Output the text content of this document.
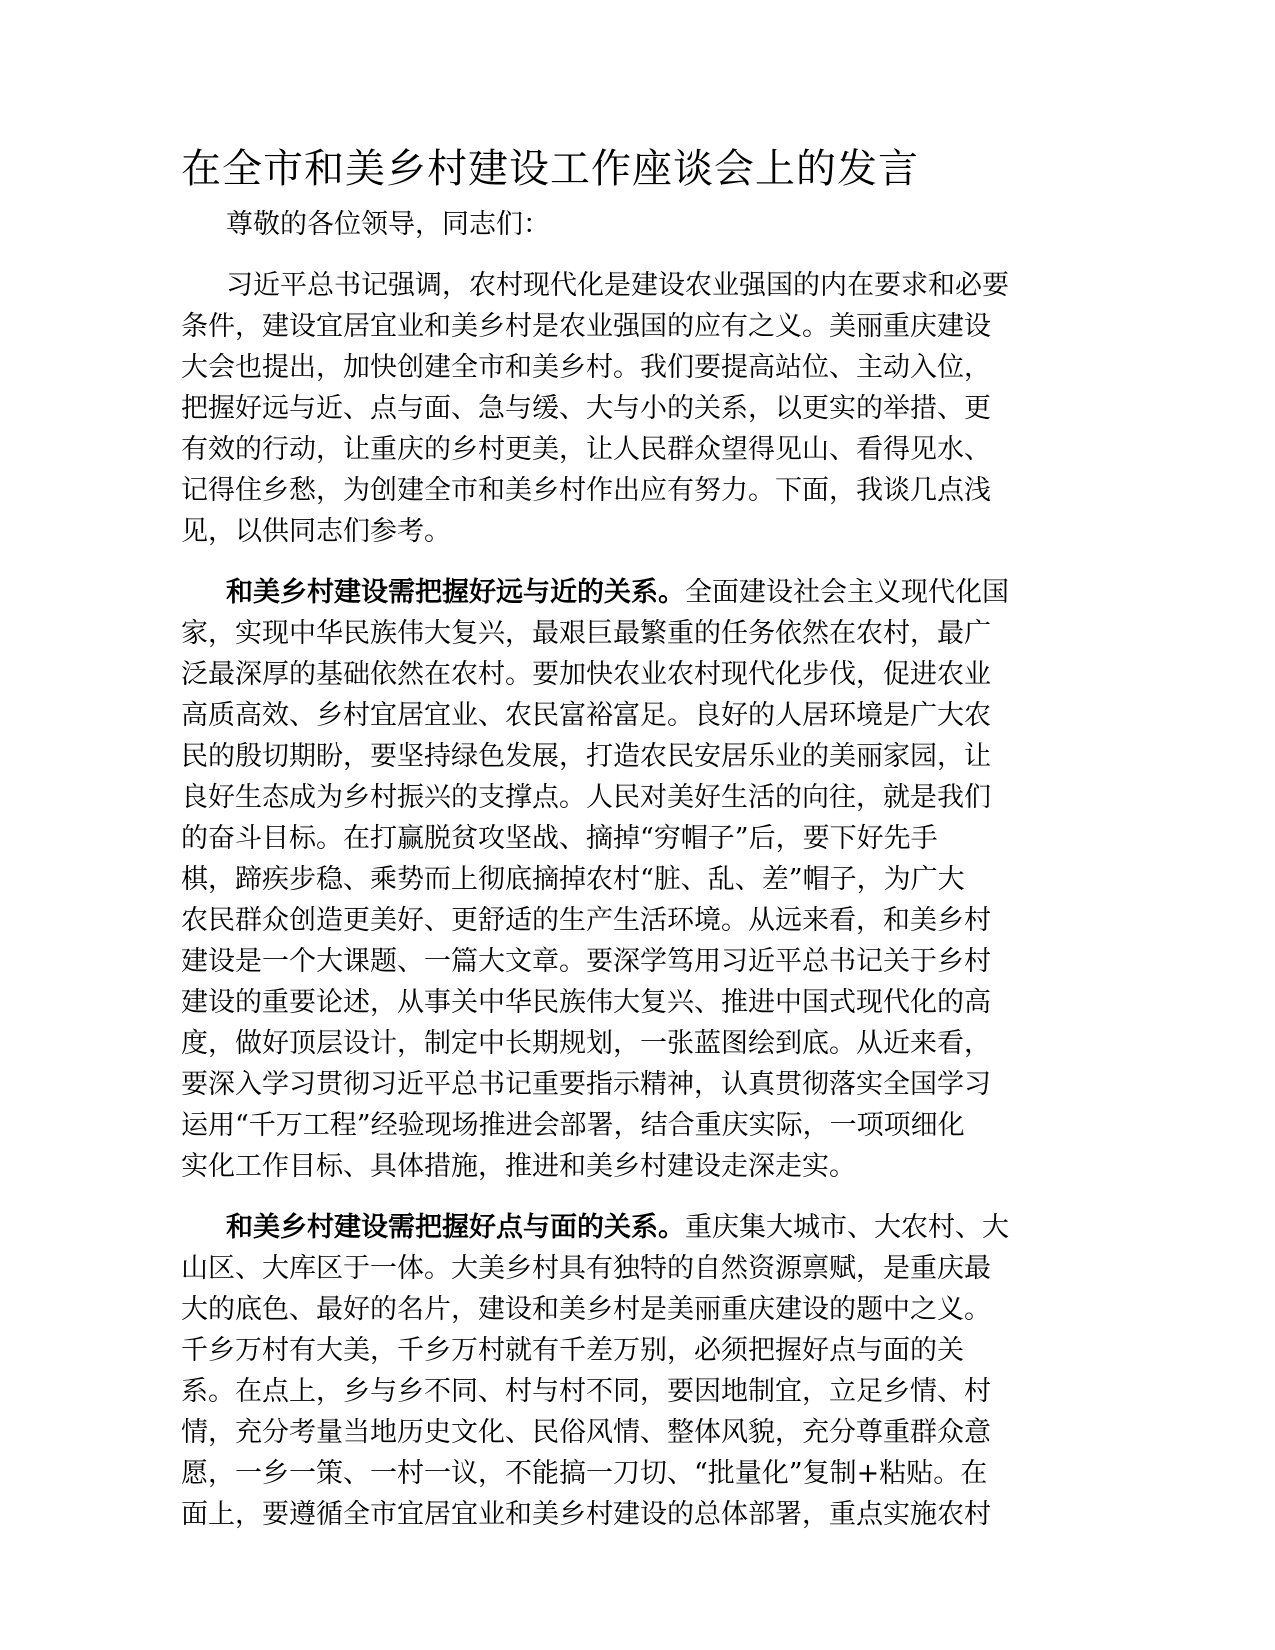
在全市和美乡村建设工作座谈会上的发言

尊敬的各位领导，同志们：

习近平总书记强调，农村现代化是建设农业强国的内在要求和必要
条件，建设宜居宜业和美乡村是农业强国的应有之义。美丽重庆建设
大会也提出，加快创建全市和美乡村。我们要提高站位、主动入位，
把握好远与近、点与面、急与缓、大与小的关系，以更实的举措、更
有效的行动，让重庆的乡村更美，让人民群众望得见山、看得见水、
记得住乡愁，为创建全市和美乡村作出应有努力。下面，我谈几点浅
见，以供同志们参考。
和美乡村建设需把握好远与近的关系。全面建设社会主义现代化国
家，实现中华民族伟大复兴，最艰巨最繁重的任务依然在农村，最广
泛最深厚的基础依然在农村。要加快农业农村现代化步伐，促进农业
高质高效、乡村宜居宜业、农民富裕富足。良好的人居环境是广大农
民的殷切期盼，要坚持绿色发展，打造农民安居乐业的美丽家园，让
良好生态成为乡村振兴的支撑点。人民对美好生活的向往，就是我们
的奋斗目标。在打赢脱贫攻坚战、摘掉“穷帽子”后，要下好先手
棋，蹄疾步稳、乘势而上彻底摘掉农村“脏、乱、差”帽子，为广大
农民群众创造更美好、更舒适的生产生活环境。从远来看，和美乡村
建设是一个大课题、一篇大文章。要深学笃用习近平总书记关于乡村
建设的重要论述，从事关中华民族伟大复兴、推进中国式现代化的高
度，做好顶层设计，制定中长期规划，一张蓝图绘到底。从近来看，
要深入学习贯彻习近平总书记重要指示精神，认真贯彻落实全国学习
运用“千万工程”经验现场推进会部署，结合重庆实际，一项项细化
实化工作目标、具体措施，推进和美乡村建设走深走实。
和美乡村建设需把握好点与面的关系。重庆集大城市、大农村、大
山区、大库区于一体。大美乡村具有独特的自然资源禀赋，是重庆最
大的底色、最好的名片，建设和美乡村是美丽重庆建设的题中之义。
千乡万村有大美，千乡万村就有千差万别，必须把握好点与面的关
系。在点上，乡与乡不同、村与村不同，要因地制宜，立足乡情、村
情，充分考量当地历史文化、民俗风情、整体风貌，充分尊重群众意
愿，一乡一策、一村一议，不能搞一刀切、“批量化”复制+粘贴。在
面上，要遵循全市宜居宜业和美乡村建设的总体部署，重点实施农村
